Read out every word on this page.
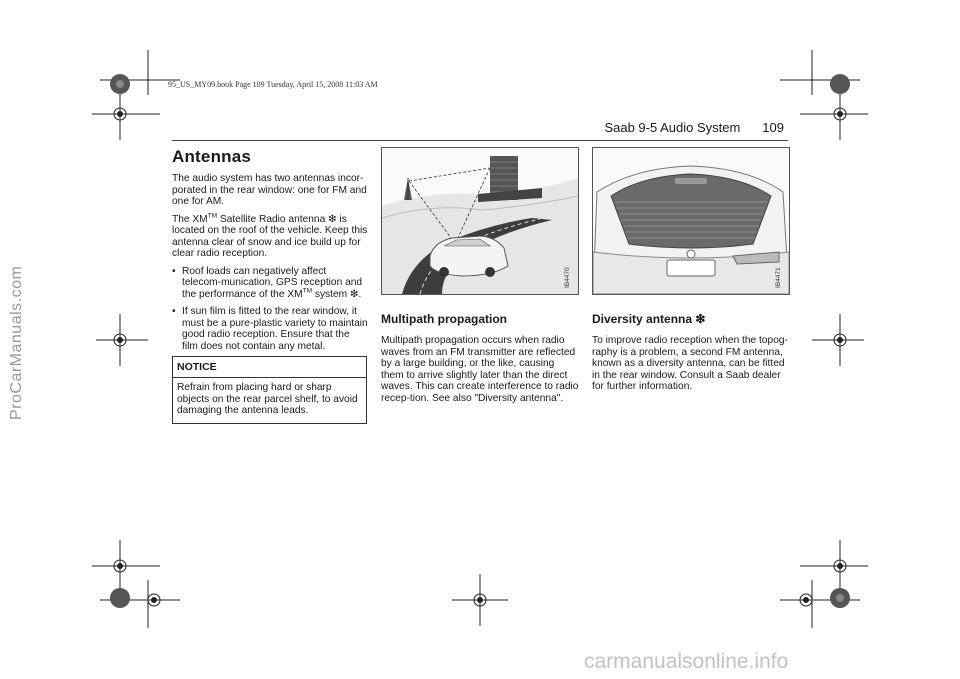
95_US_MY09.book Page 109 Tuesday, April 15, 2008 11:03 AM
Saab 9-5 Audio System 109
Antennas

The audio system has two antennas incor-porated in the rear window: one for FM and one for AM.

The XM™ Satellite Radio antenna ❇ is located on the roof of the vehicle. Keep this antenna clear of snow and ice build up for clear radio reception.

• Roof loads can negatively affect telecom-munication, GPS reception and the performance of the XM™ system ❇.
• If sun film is fitted to the rear window, it must be a pure-plastic variety to maintain good radio reception. Ensure that the film does not contain any metal.
NOTICE
Refrain from placing hard or sharp objects on the rear parcel shelf, to avoid damaging the antenna leads.
IB4470	IB4471
Multipath propagation

Multipath propagation occurs when radio waves from an FM transmitter are reflected by a large building, or the like, causing them to arrive slightly later than the direct waves. This can create interference to radio recep-tion. See also "Diversity antenna".

Diversity antenna ❇

To improve radio reception when the topog-raphy is a problem, a second FM antenna, known as a diversity antenna, can be fitted in the rear window. Consult a Saab dealer for further information.

ProCarManuals.com
carmanualsonline.info
